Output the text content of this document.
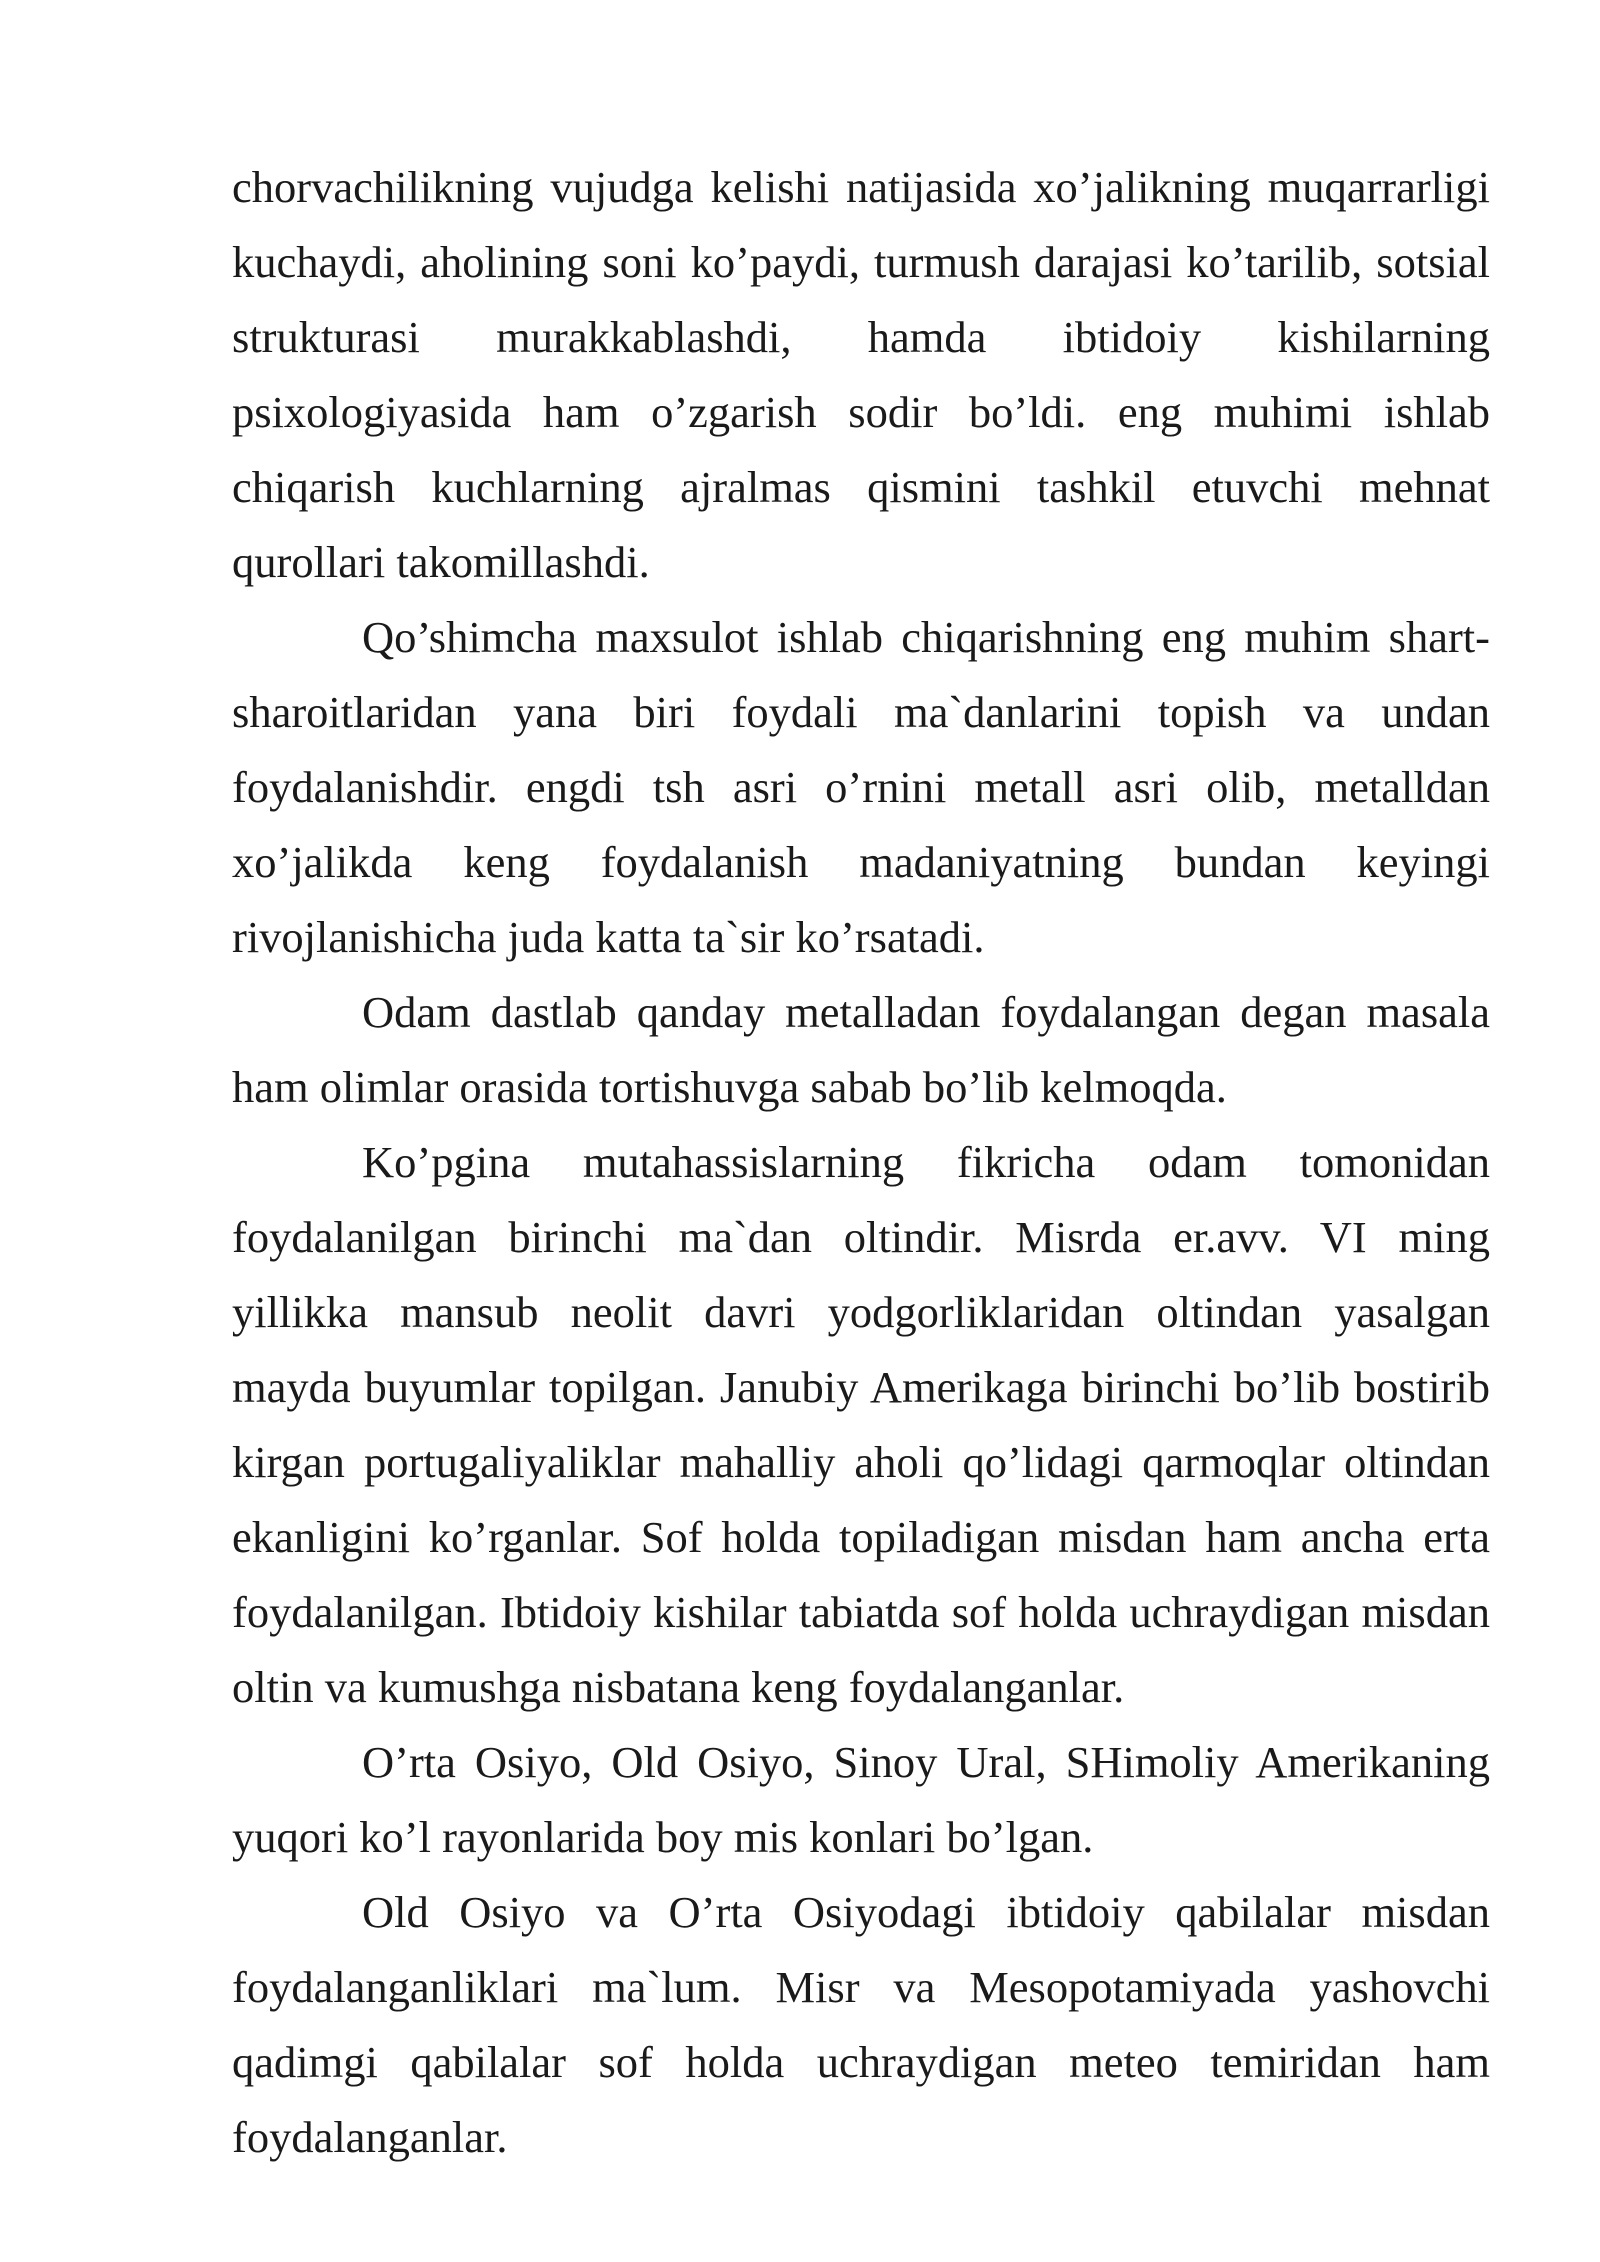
chorvachilikning vujudga kelishi natijasida xo’jalikning muqarrarligi kuchaydi, aholining soni ko’paydi, turmush darajasi ko’tarilib, sotsial strukturasi murakkablashdi, hamda ibtidoiy kishilarning psixologiyasida ham o’zgarish sodir bo’ldi. eng muhimi ishlab chiqarish kuchlarning ajralmas qismini tashkil etuvchi mehnat qurollari takomillashdi.

Qo’shimcha maxsulot ishlab chiqarishning eng muhim shart-sharoitlaridan yana biri foydali ma`danlarini topish va undan foydalanishdir. engdi tsh asri o’rnini metall asri olib, metalldan xo’jalikda keng foydalanish madaniyatning bundan keyingi rivojlanishicha juda katta ta`sir ko’rsatadi.

Odam dastlab qanday metalladan foydalangan degan masala ham olimlar orasida tortishuvga sabab bo’lib kelmoqda.

Ko’pgina mutahassislarning fikricha odam tomonidan foydalanilgan birinchi ma`dan oltindir. Misrda er.avv. VI ming yillikka mansub neolit davri yodgorliklaridan oltindan yasalgan mayda buyumlar topilgan. Janubiy Amerikaga birinchi bo’lib bostirib kirgan portugaliyaliklar mahalliy aholi qo’lidagi qarmoqlar oltindan ekanligini ko’rganlar. Sof holda topiladigan misdan ham ancha erta foydalanilgan. Ibtidoiy kishilar tabiatda sof holda uchraydigan misdan oltin va kumushga nisbatana keng foydalanganlar.

O’rta Osiyo, Old Osiyo, Sinoy Ural, SHimoliy Amerikaning yuqori ko’l rayonlarida boy mis konlari bo’lgan.

Old Osiyo va O’rta Osiyodagi ibtidoiy qabilalar misdan foydalanganliklari ma`lum. Misr va Mesopotamiyada yashovchi qadimgi qabilalar sof holda uchraydigan meteo temiridan ham foydalanganlar.
